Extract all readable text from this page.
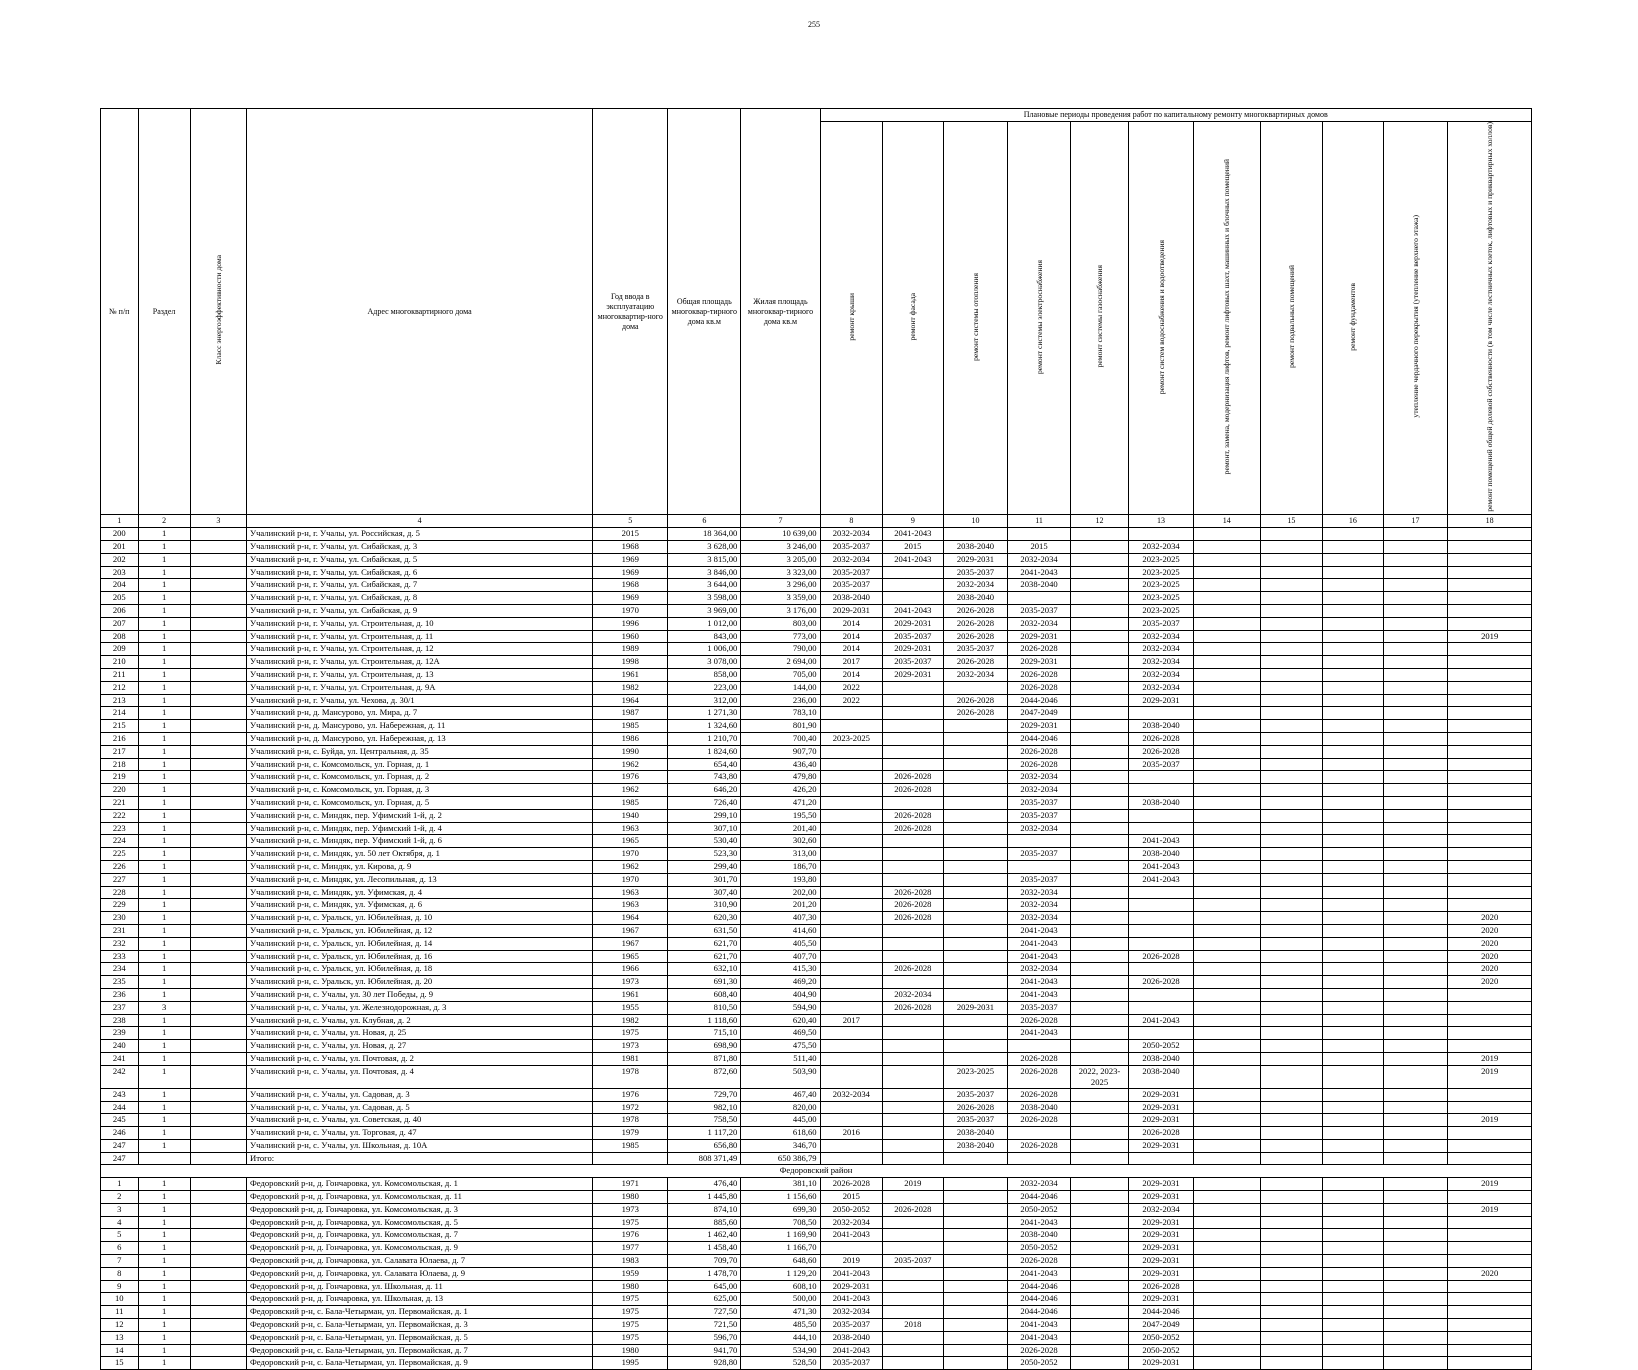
255
№ п/п	Раздел	Класс энергоэффективности дома	Адрес многоквартирного дома	Год ввода в эксплуатацию многоквартир-ного дома	Общая площадь многоквар-тирного дома кв.м	Жилая площадь многоквар-тирного дома кв.м	Плановые периоды проведения работ по капитальному ремонту многоквартирных домов										
							ремонт крыши	ремонт фасада	ремонт системы отопления	ремонт системы электроснабжения	ремонт системы газоснабжения	ремонт систем водоснабжения и водоотведения	ремонт, замена, модернизация лифтов, ремонт лифтовых шахт, машинных и блочных помещений	ремонт подвальных помещений	ремонт фундаментов	утепление чердачного перекрытия (утепление верхнего этажа)	ремонт помещений общей долевой собственности (в том числе лестничных клеток, лифтовых и приквартирных холлов)
1	2	3	4	5	6	7	8	9	10	11	12	13	14	15	16	17	18
200	1		Учалинский р-н, г. Учалы, ул. Российская, д. 5	2015	18 364,00	10 639,00	2032-2034	2041-2043									
201	1		Учалинский р-н, г. Учалы, ул. Сибайская, д. 3	1968	3 628,00	3 246,00	2035-2037	2015	2038-2040	2015		2032-2034					
202	1		Учалинский р-н, г. Учалы, ул. Сибайская, д. 5	1969	3 815,00	3 205,00	2032-2034	2041-2043	2029-2031	2032-2034		2023-2025					
203	1		Учалинский р-н, г. Учалы, ул. Сибайская, д. 6	1969	3 846,00	3 323,00	2035-2037		2035-2037	2041-2043		2023-2025					
204	1		Учалинский р-н, г. Учалы, ул. Сибайская, д. 7	1968	3 644,00	3 296,00	2035-2037		2032-2034	2038-2040		2023-2025					
205	1		Учалинский р-н, г. Учалы, ул. Сибайская, д. 8	1969	3 598,00	3 359,00	2038-2040		2038-2040			2023-2025					
206	1		Учалинский р-н, г. Учалы, ул. Сибайская, д. 9	1970	3 969,00	3 176,00	2029-2031	2041-2043	2026-2028	2035-2037		2023-2025					
207	1		Учалинский р-н, г. Учалы, ул. Строительная, д. 10	1996	1 012,00	803,00	2014	2029-2031	2026-2028	2032-2034		2035-2037					
208	1		Учалинский р-н, г. Учалы, ул. Строительная, д. 11	1960	843,00	773,00	2014	2035-2037	2026-2028	2029-2031		2032-2034					2019
209	1		Учалинский р-н, г. Учалы, ул. Строительная, д. 12	1989	1 006,00	790,00	2014	2029-2031	2035-2037	2026-2028		2032-2034					
210	1		Учалинский р-н, г. Учалы, ул. Строительная, д. 12А	1998	3 078,00	2 694,00	2017	2035-2037	2026-2028	2029-2031		2032-2034					
211	1		Учалинский р-н, г. Учалы, ул. Строительная, д. 13	1961	858,00	705,00	2014	2029-2031	2032-2034	2026-2028		2032-2034					
212	1		Учалинский р-н, г. Учалы, ул. Строительная, д. 9А	1982	223,00	144,00	2022			2026-2028		2032-2034					
213	1		Учалинский р-н, г. Учалы, ул. Чехова, д. 30/1	1964	312,00	236,00	2022		2026-2028	2044-2046		2029-2031					
214	1		Учалинский р-н, д. Мансурово, ул. Мира, д. 7	1987	1 271,30	783,10			2026-2028	2047-2049							
215	1		Учалинский р-н, д. Мансурово, ул. Набережная, д. 11	1985	1 324,60	801,90				2029-2031		2038-2040					
216	1		Учалинский р-н, д. Мансурово, ул. Набережная, д. 13	1986	1 210,70	700,40	2023-2025			2044-2046		2026-2028					
217	1		Учалинский р-н, с. Буйда, ул. Центральная, д. 35	1990	1 824,60	907,70				2026-2028		2026-2028					
218	1		Учалинский р-н, с. Комсомольск, ул. Горная, д. 1	1962	654,40	436,40				2026-2028		2035-2037					
219	1		Учалинский р-н, с. Комсомольск, ул. Горная, д. 2	1976	743,80	479,80		2026-2028		2032-2034							
220	1		Учалинский р-н, с. Комсомольск, ул. Горная, д. 3	1962	646,20	426,20		2026-2028		2032-2034							
221	1		Учалинский р-н, с. Комсомольск, ул. Горная, д. 5	1985	726,40	471,20				2035-2037		2038-2040					
222	1		Учалинский р-н, с. Миндяк, пер. Уфимский 1-й, д. 2	1940	299,10	195,50		2026-2028		2035-2037							
223	1		Учалинский р-н, с. Миндяк, пер. Уфимский 1-й, д. 4	1963	307,10	201,40		2026-2028		2032-2034							
224	1		Учалинский р-н, с. Миндяк, пер. Уфимский 1-й, д. 6	1965	530,40	302,60						2041-2043					
225	1		Учалинский р-н, с. Миндяк, ул. 50 лет Октября, д. 1	1970	523,30	313,00				2035-2037		2038-2040					
226	1		Учалинский р-н, с. Миндяк, ул. Кирова, д. 9	1962	299,40	186,70						2041-2043					
227	1		Учалинский р-н, с. Миндяк, ул. Лесопильная, д. 13	1970	301,70	193,80				2035-2037		2041-2043					
228	1		Учалинский р-н, с. Миндяк, ул. Уфимская, д. 4	1963	307,40	202,00		2026-2028		2032-2034							
229	1		Учалинский р-н, с. Миндяк, ул. Уфимская, д. 6	1963	310,90	201,20		2026-2028		2032-2034							
230	1		Учалинский р-н, с. Уральск, ул. Юбилейная, д. 10	1964	620,30	407,30		2026-2028		2032-2034							2020
231	1		Учалинский р-н, с. Уральск, ул. Юбилейная, д. 12	1967	631,50	414,60				2041-2043							2020
232	1		Учалинский р-н, с. Уральск, ул. Юбилейная, д. 14	1967	621,70	405,50				2041-2043							2020
233	1		Учалинский р-н, с. Уральск, ул. Юбилейная, д. 16	1965	621,70	407,70				2041-2043		2026-2028					2020
234	1		Учалинский р-н, с. Уральск, ул. Юбилейная, д. 18	1966	632,10	415,30		2026-2028		2032-2034							2020
235	1		Учалинский р-н, с. Уральск, ул. Юбилейная, д. 20	1973	691,30	469,20				2041-2043		2026-2028					2020
236	1		Учалинский р-н, с. Учалы, ул. 30 лет Победы, д. 9	1961	608,40	404,90		2032-2034		2041-2043							
237	3		Учалинский р-н, с. Учалы, ул. Железнодорожная, д. 3	1955	810,50	594,90		2026-2028	2029-2031	2035-2037							
238	1		Учалинский р-н, с. Учалы, ул. Клубная, д. 2	1982	1 118,60	620,40	2017			2026-2028		2041-2043					
239	1		Учалинский р-н, с. Учалы, ул. Новая, д. 25	1975	715,10	469,50				2041-2043							
240	1		Учалинский р-н, с. Учалы, ул. Новая, д. 27	1973	698,90	475,50						2050-2052					
241	1		Учалинский р-н, с. Учалы, ул. Почтовая, д. 2	1981	871,80	511,40				2026-2028		2038-2040					2019
242	1		Учалинский р-н, с. Учалы, ул. Почтовая, д. 4	1978	872,60	503,90			2023-2025	2026-2028	2022, 2023-2025	2038-2040					2019
243	1		Учалинский р-н, с. Учалы, ул. Садовая, д. 3	1976	729,70	467,40	2032-2034		2035-2037	2026-2028		2029-2031					
244	1		Учалинский р-н, с. Учалы, ул. Садовая, д. 5	1972	982,10	820,00			2026-2028	2038-2040		2029-2031					
245	1		Учалинский р-н, с. Учалы, ул. Советская, д. 40	1978	758,50	445,00			2035-2037	2026-2028		2029-2031					2019
246	1		Учалинский р-н, с. Учалы, ул. Торговая, д. 47	1979	1 117,20	618,60	2016		2038-2040			2026-2028					
247	1		Учалинский р-н, с. Учалы, ул. Школьная, д. 10А	1985	656,80	346,70			2038-2040	2026-2028		2029-2031					
247			Итого:		808 371,49	650 386,79											
Федоровский район																	
1	1		Федоровский р-н, д. Гончаровка, ул. Комсомольская, д. 1	1971	476,40	381,10	2026-2028	2019		2032-2034		2029-2031					2019
2	1		Федоровский р-н, д. Гончаровка, ул. Комсомольская, д. 11	1980	1 445,80	1 156,60	2015			2044-2046		2029-2031					
3	1		Федоровский р-н, д. Гончаровка, ул. Комсомольская, д. 3	1973	874,10	699,30	2050-2052	2026-2028		2050-2052		2032-2034					2019
4	1		Федоровский р-н, д. Гончаровка, ул. Комсомольская, д. 5	1975	885,60	708,50	2032-2034			2041-2043		2029-2031					
5	1		Федоровский р-н, д. Гончаровка, ул. Комсомольская, д. 7	1976	1 462,40	1 169,90	2041-2043			2038-2040		2029-2031					
6	1		Федоровский р-н, д. Гончаровка, ул. Комсомольская, д. 9	1977	1 458,40	1 166,70				2050-2052		2029-2031					
7	1		Федоровский р-н, д. Гончаровка, ул. Салавата Юлаева, д. 7	1983	709,70	648,60	2019	2035-2037		2026-2028		2029-2031					
8	1		Федоровский р-н, д. Гончаровка, ул. Салавата Юлаева, д. 9	1959	1 478,70	1 129,20	2041-2043			2041-2043		2029-2031					2020
9	1		Федоровский р-н, д. Гончаровка, ул. Школьная, д. 11	1980	645,00	608,10	2029-2031			2044-2046		2026-2028					
10	1		Федоровский р-н, д. Гончаровка, ул. Школьная, д. 13	1975	625,00	500,00	2041-2043			2044-2046		2029-2031					
11	1		Федоровский р-н, с. Бала-Четырман, ул. Первомайская, д. 1	1975	727,50	471,30	2032-2034			2044-2046		2044-2046					
12	1		Федоровский р-н, с. Бала-Четырман, ул. Первомайская, д. 3	1975	721,50	485,50	2035-2037	2018		2041-2043		2047-2049					
13	1		Федоровский р-н, с. Бала-Четырман, ул. Первомайская, д. 5	1975	596,70	444,10	2038-2040			2041-2043		2050-2052					
14	1		Федоровский р-н, с. Бала-Четырман, ул. Первомайская, д. 7	1980	941,70	534,90	2041-2043			2026-2028		2050-2052					
15	1		Федоровский р-н, с. Бала-Четырман, ул. Первомайская, д. 9	1995	928,80	528,50	2035-2037			2050-2052		2029-2031					
